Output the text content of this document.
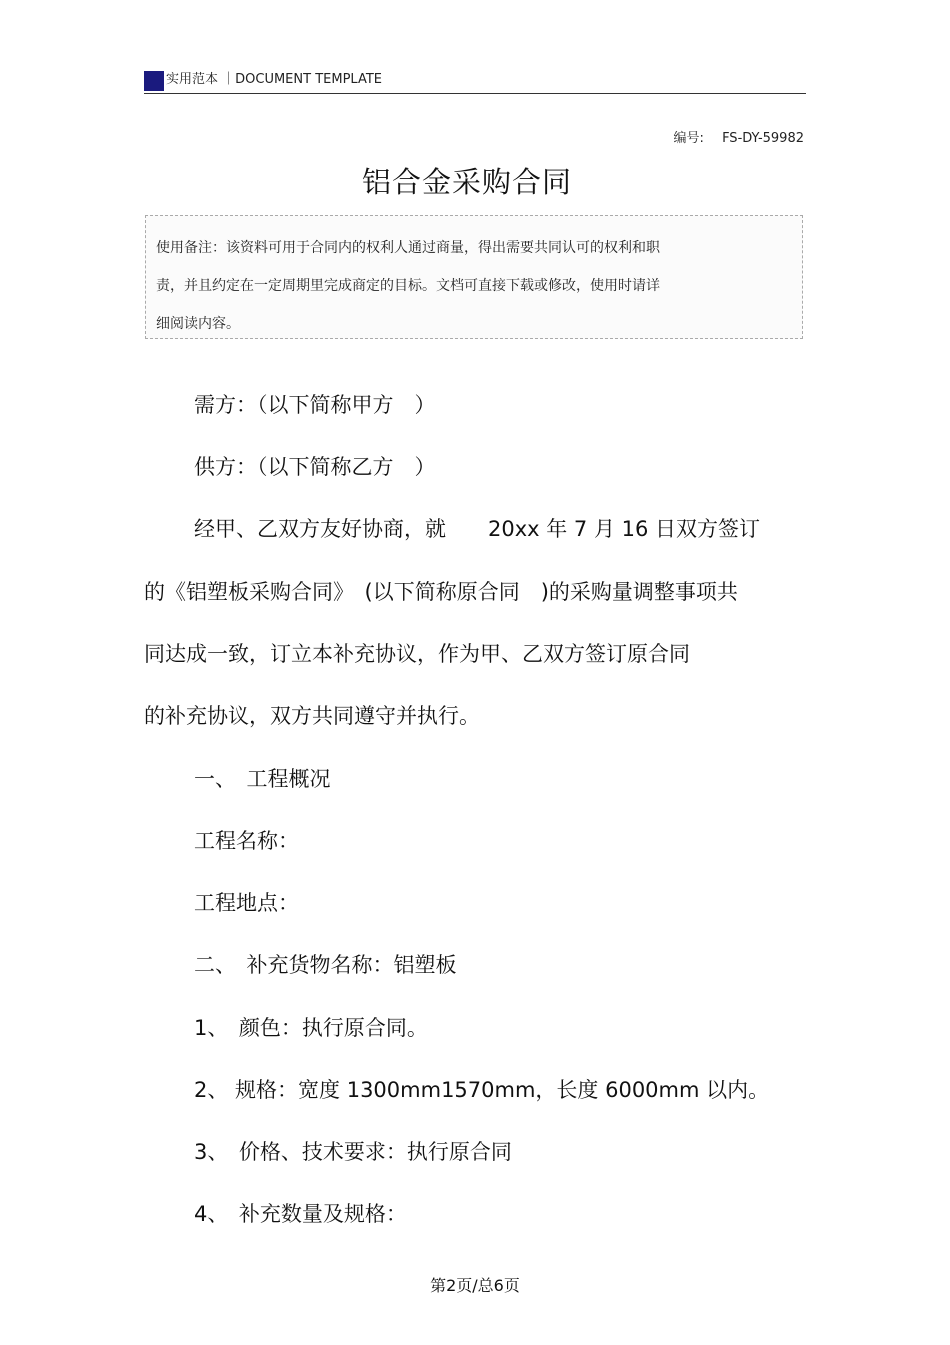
实用范本 ｜DOCUMENT TEMPLATE
编号: FS-DY-59982
铝合金采购合同
使用备注：该资料可用于合同内的权利人通过商量，得出需要共同认可的权利和职
责，并且约定在一定周期里完成商定的目标。文档可直接下载或修改，使用时请详
细阅读内容。
需方：（以下简称甲方　）
供方：（以下简称乙方　）
经甲、乙双方友好协商，就　　20xx 年 7 月 16 日双方签订
的《铝塑板采购合同》　(以下简称原合同　)的采购量调整事项共
同达成一致，订立本补充协议，作为甲、乙双方签订原合同
的补充协议，双方共同遵守并执行。
一、　工程概况
工程名称：
工程地点：
二、　补充货物名称：铝塑板
1、　颜色：执行原合同。
2、 规格：宽度 1300mm1570mm，长度 6000mm 以内。
3、　价格、技术要求：执行原合同
4、　补充数量及规格：
第2页/总6页
